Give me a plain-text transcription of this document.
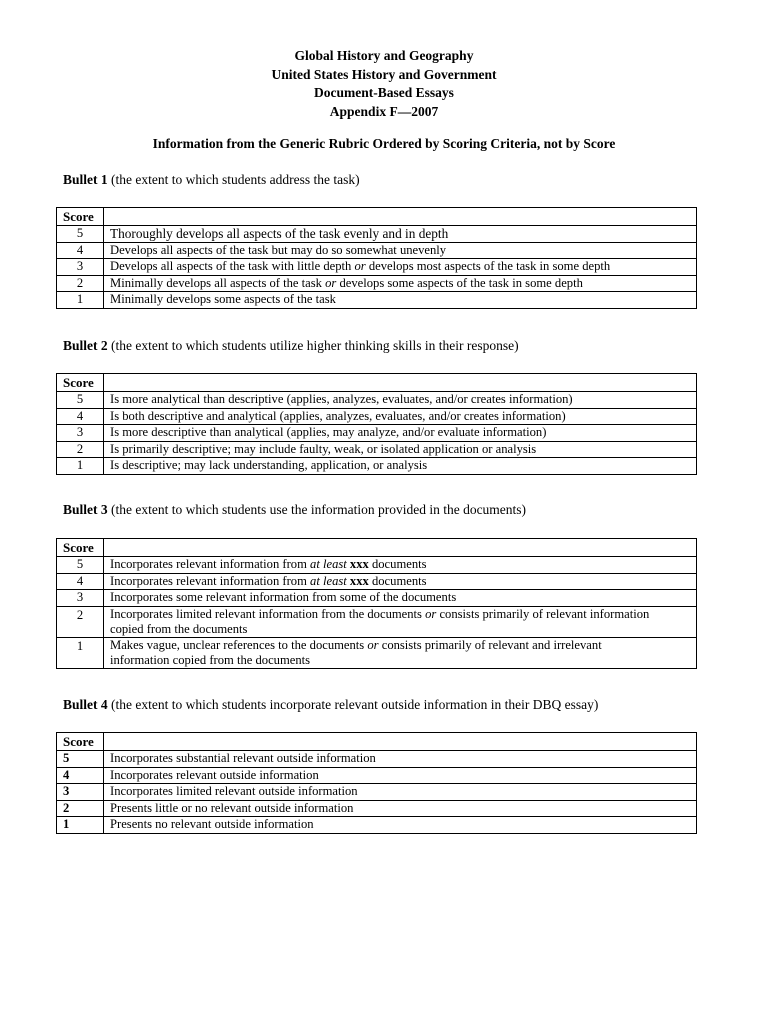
Global History and Geography
United States History and Government
Document-Based Essays
Appendix F—2007
Information from the Generic Rubric Ordered by Scoring Criteria, not by Score
Bullet 1 (the extent to which students address the task)
Score	
5	Thoroughly develops all aspects of the task evenly and in depth
4	Develops all aspects of the task but may do so somewhat unevenly
3	Develops all aspects of the task with little depth or develops most aspects of the task in some depth
2	Minimally develops all aspects of the task or develops some aspects of the task in some depth
1	Minimally develops some aspects of the task
Bullet 2 (the extent to which students utilize higher thinking skills in their response)
Score	
5	Is more analytical than descriptive (applies, analyzes, evaluates, and/or creates information)
4	Is both descriptive and analytical (applies, analyzes, evaluates, and/or creates information)
3	Is more descriptive than analytical (applies, may analyze, and/or evaluate information)
2	Is primarily descriptive; may include faulty, weak, or isolated application or analysis
1	Is descriptive; may lack understanding, application, or analysis
Bullet 3 (the extent to which students use the information provided in the documents)
Score	
5	Incorporates relevant information from at least xxx documents
4	Incorporates relevant information from at least xxx documents
3	Incorporates some relevant information from some of the documents
2	Incorporates limited relevant information from the documents or consists primarily of relevant information copied from the documents
1	Makes vague, unclear references to the documents or consists primarily of relevant and irrelevant information copied from the documents
Bullet 4 (the extent to which students incorporate relevant outside information in their DBQ essay)
Score	
5	Incorporates substantial relevant outside information
4	Incorporates relevant outside information
3	Incorporates limited relevant outside information
2	Presents little or no relevant outside information
1	Presents no relevant outside information
